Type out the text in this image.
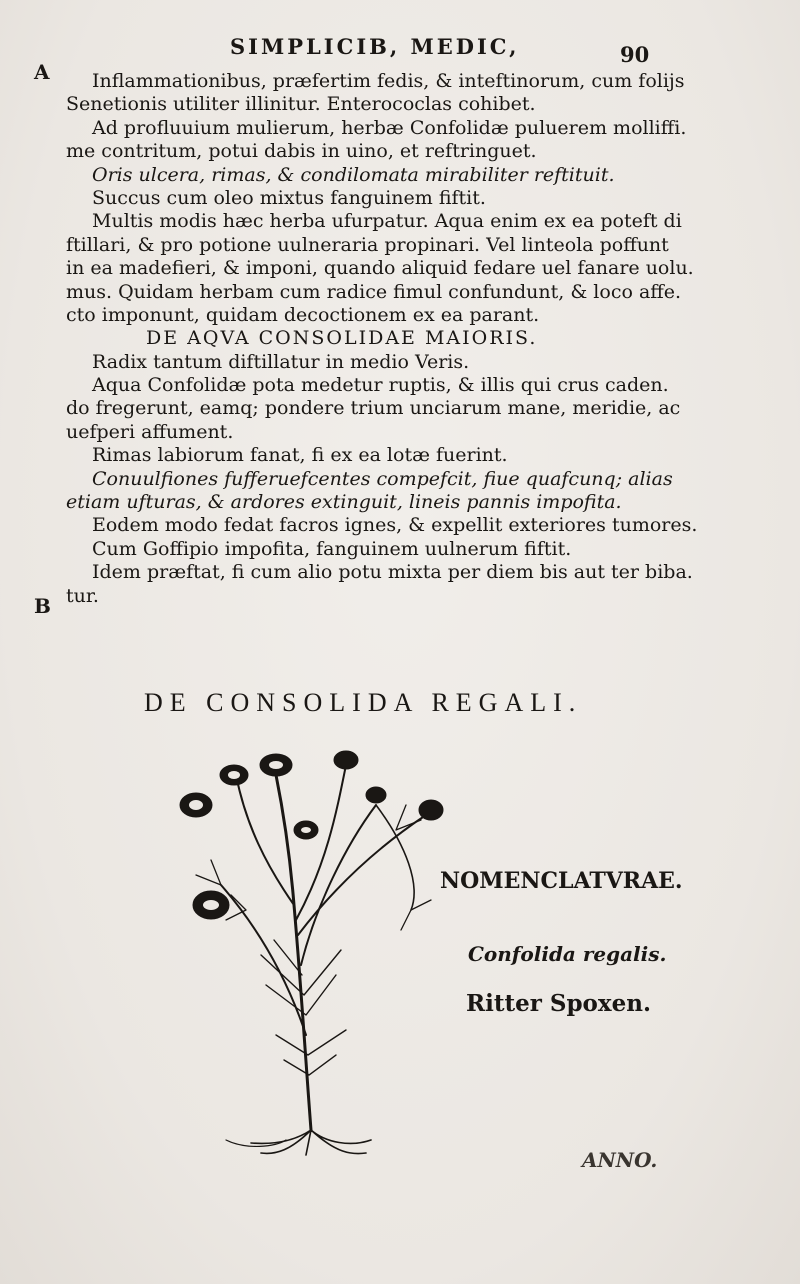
SIMPLICIB, MEDIC,	90
A
B
Inflammationibus, præfertim fedis, & inteftinorum, cum folijs
Senetionis utiliter illinitur. Enterococlas cohibet.
Ad profluuium mulierum, herbæ Confolidæ puluerem molliffi.
me contritum, potui dabis in uino, et reftringuet.
Oris ulcera, rimas, & condilomata mirabiliter reftituit.
Succus cum oleo mixtus fanguinem fiftit.
Multis modis hæc herba ufurpatur. Aqua enim ex ea poteft di
ftillari, & pro potione uulneraria propinari. Vel linteola poffunt
in ea madefieri, & imponi, quando aliquid fedare uel fanare uolu.
mus. Quidam herbam cum radice fimul confundunt, & loco affe.
cto imponunt, quidam decoctionem ex ea parant.
DE AQVA CONSOLIDAE MAIORIS.
Radix tantum diftillatur in medio Veris.
Aqua Confolidæ pota medetur ruptis, & illis qui crus caden.
do fregerunt, eamq; pondere trium unciarum mane, meridie, ac
uefperi affument.
Rimas labiorum fanat, fi ex ea lotæ fuerint.
Conuulfiones fufferuefcentes compefcit, fiue quafcunq; alias
etiam ufturas, & ardores extinguit, lineis pannis impofita.
Eodem modo fedat facros ignes, & expellit exteriores tumores.
Cum Goffipio impofita, fanguinem uulnerum fiftit.
Idem præftat, fi cum alio potu mixta per diem bis aut ter biba.
tur.
DE CONSOLIDA REGALI.
NOMENCLATVRAE.
Confolida regalis.
Ritter Spoxen.
ANNO.
